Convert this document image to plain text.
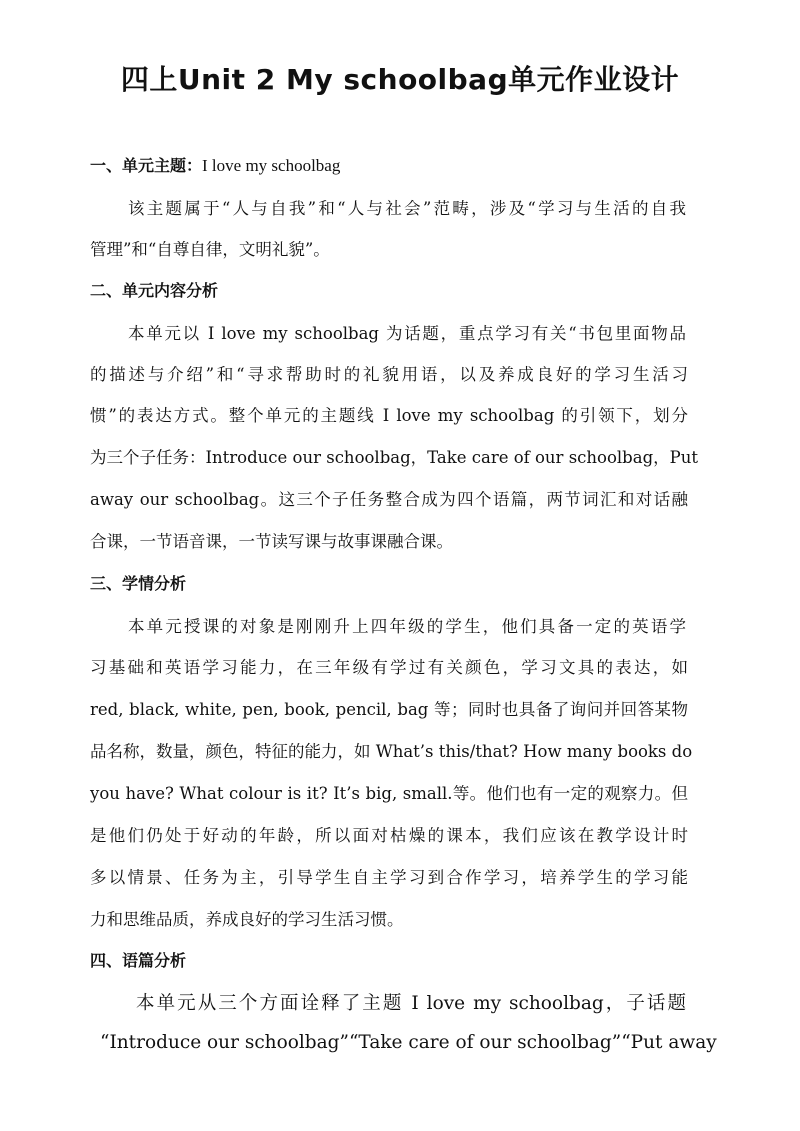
四上Unit 2 My schoolbag单元作业设计
一、单元主题：I love my schoolbag
该主题属于“人与自我”和“人与社会”范畴，涉及“学习与生活的自我
管理”和“自尊自律，文明礼貌”。
二、单元内容分析
本单元以 I love my schoolbag 为话题，重点学习有关“书包里面物品
的描述与介绍”和“寻求帮助时的礼貌用语，以及养成良好的学习生活习
惯”的表达方式。整个单元的主题线 I love my schoolbag 的引领下，划分
为三个子任务：Introduce our schoolbag，Take care of our schoolbag，Put
away our schoolbag。这三个子任务整合成为四个语篇，两节词汇和对话融
合课，一节语音课，一节读写课与故事课融合课。
三、学情分析
本单元授课的对象是刚刚升上四年级的学生，他们具备一定的英语学
习基础和英语学习能力，在三年级有学过有关颜色，学习文具的表达，如
red, black, white, pen, book, pencil, bag 等；同时也具备了询问并回答某物
品名称，数量，颜色，特征的能力，如 What’s this/that? How many books do
you have? What colour is it? It’s big, small.等。他们也有一定的观察力。但
是他们仍处于好动的年龄，所以面对枯燥的课本，我们应该在教学设计时
多以情景、任务为主，引导学生自主学习到合作学习，培养学生的学习能
力和思维品质，养成良好的学习生活习惯。
四、语篇分析
本单元从三个方面诠释了主题 I love my schoolbag，子话题
“Introduce our schoolbag”“Take care of our schoolbag”“Put away
